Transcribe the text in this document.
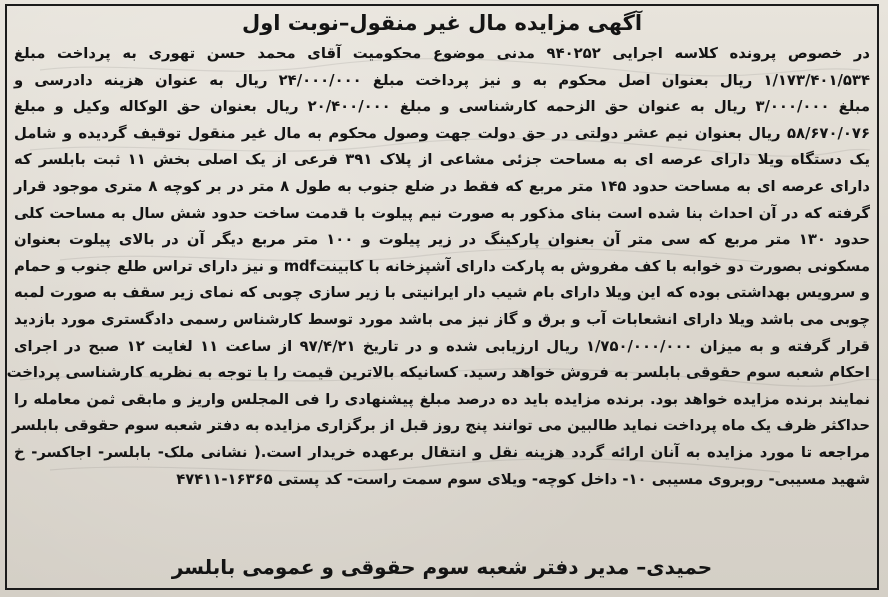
آگهی مزایده مال غیر منقول–نوبت اول
در خصوص پرونده کلاسه اجرایی ۹۴۰۲۵۲ مدنی موضوع محکومیت آقای محمد حسن تهوری به پرداخت مبلغ
۱/۱۷۳/۴۰۱/۵۳۴ ریال بعنوان اصل محکوم به و نیز پرداخت مبلغ ۲۴/۰۰۰/۰۰۰ ریال به عنوان هزینه دادرسی و
مبلغ ۳/۰۰۰/۰۰۰ ریال به عنوان حق الزحمه کارشناسی و مبلغ ۲۰/۴۰۰/۰۰۰ ریال بعنوان حق الوکاله وکیل و مبلغ
۵۸/۶۷۰/۰۷۶ ریال بعنوان نیم عشر دولتی در حق دولت جهت وصول محکوم به مال غیر منقول توقیف گردیده و شامل
یک دستگاه ویلا دارای عرصه ای به مساحت جزئی مشاعی از پلاک ۳۹۱ فرعی از یک اصلی بخش ۱۱ ثبت بابلسر که
دارای عرصه ای به مساحت حدود ۱۴۵ متر مربع که فقط در ضلع جنوب به طول ۸ متر در بر کوچه ۸ متری موجود قرار
گرفته که در آن احداث بنا شده است بنای مذکور به صورت نیم پیلوت با قدمت ساخت حدود شش سال به مساحت کلی
حدود ۱۳۰ متر مربع که سی متر آن بعنوان پارکینگ در زیر پیلوت و ۱۰۰ متر مربع دیگر آن در بالای پیلوت بعنوان
مسکونی بصورت دو خوابه با کف مفروش به پارکت دارای آشپزخانه با کابینتmdf و نیز دارای تراس طلع جنوب و حمام
و سرویس بهداشتی بوده که این ویلا دارای بام شیب دار ایرانیتی با زیر سازی چوبی که نمای زیر سقف به صورت لمبه
چوبی می باشد ویلا دارای انشعابات آب و برق و گاز نیز می باشد مورد توسط کارشناس رسمی دادگستری مورد بازدید
قرار گرفته و به میزان ۱/۷۵۰/۰۰۰/۰۰۰ ریال ارزیابی شده و در تاریخ ۹۷/۴/۲۱ از ساعت ۱۱ لغایت ۱۲ صبح در اجرای
احکام شعبه سوم حقوقی بابلسر به فروش خواهد رسید. کسانیکه بالاترین قیمت را با توجه به نظریه کارشناسی پرداخت
نمایند برنده مزایده خواهد بود. برنده مزایده باید ده درصد مبلغ پیشنهادی را فی المجلس واریز و مابقی ثمن معامله را
حداکثر ظرف یک ماه پرداخت نماید طالبین می توانند پنج روز قبل از برگزاری مزایده به دفتر شعبه سوم حقوقی بابلسر
مراجعه تا مورد مزایده به آنان ارائه گردد هزینه نقل و انتقال برعهده خریدار است.( نشانی ملک- بابلسر- اجاکسر- خ
شهید مسیبی- روبروی مسیبی ۱۰- داخل کوچه- ویلای سوم سمت راست- کد پستی ۱۶۳۶۵-۴۷۴۱۱
حمیدی– مدیر دفتر شعبه سوم حقوقی و عمومی بابلسر
